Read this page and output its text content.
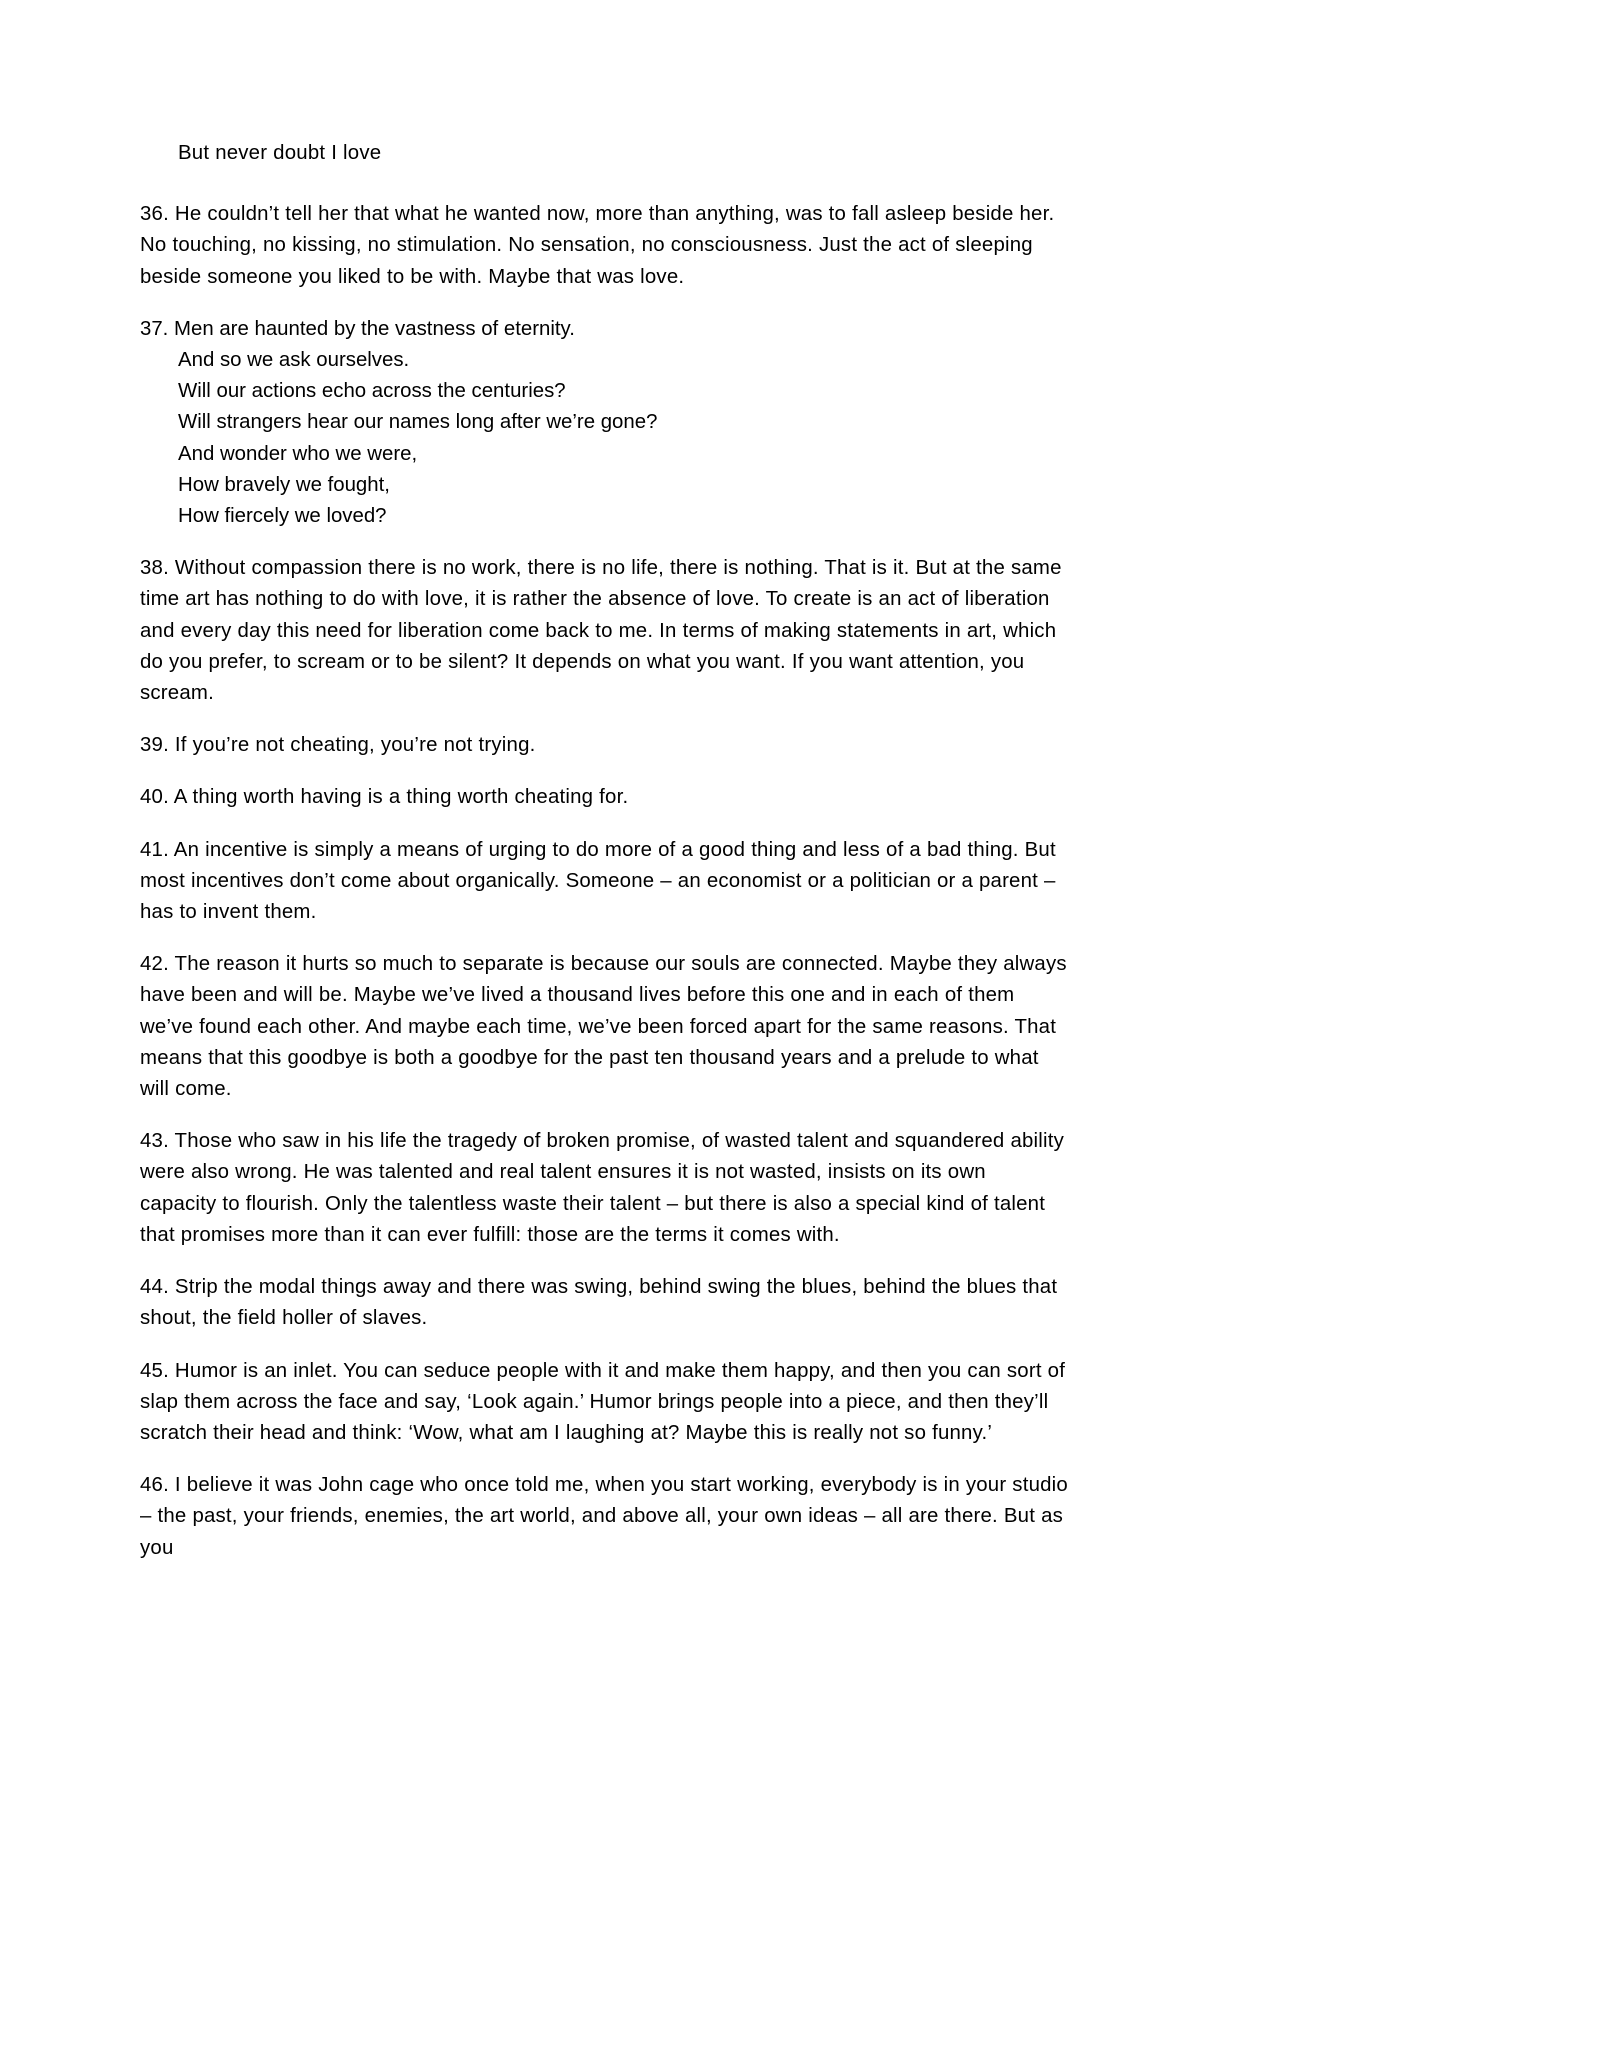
But never doubt I love

36. He couldn’t tell her that what he wanted now, more than anything, was to fall asleep beside her. No touching, no kissing, no stimulation. No sensation, no consciousness. Just the act of sleeping beside someone you liked to be with. Maybe that was love.

37. Men are haunted by the vastness of eternity.
And so we ask ourselves.
Will our actions echo across the centuries?
Will strangers hear our names long after we’re gone?
And wonder who we were,
How bravely we fought,
How fiercely we loved?

38. Without compassion there is no work, there is no life, there is nothing. That is it. But at the same time art has nothing to do with love, it is rather the absence of love. To create is an act of liberation and every day this need for liberation come back to me. In terms of making statements in art, which do you prefer, to scream or to be silent? It depends on what you want. If you want attention, you scream.

39. If you’re not cheating, you’re not trying.

40. A thing worth having is a thing worth cheating for.

41. An incentive is simply a means of urging to do more of a good thing and less of a bad thing. But most incentives don’t come about organically. Someone – an economist or a politician or a parent – has to invent them.

42. The reason it hurts so much to separate is because our souls are connected. Maybe they always have been and will be. Maybe we’ve lived a thousand lives before this one and in each of them we’ve found each other. And maybe each time, we’ve been forced apart for the same reasons. That means that this goodbye is both a goodbye for the past ten thousand years and a prelude to what will come.

43. Those who saw in his life the tragedy of broken promise, of wasted talent and squandered ability were also wrong. He was talented and real talent ensures it is not wasted, insists on its own capacity to flourish. Only the talentless waste their talent – but there is also a special kind of talent that promises more than it can ever fulfill: those are the terms it comes with.

44. Strip the modal things away and there was swing, behind swing the blues, behind the blues that shout, the field holler of slaves.

45. Humor is an inlet. You can seduce people with it and make them happy, and then you can sort of slap them across the face and say, ‘Look again.’ Humor brings people into a piece, and then they’ll scratch their head and think: ‘Wow, what am I laughing at? Maybe this is really not so funny.’

46. I believe it was John cage who once told me, when you start working, everybody is in your studio – the past, your friends, enemies, the art world, and above all, your own ideas – all are there. But as you
